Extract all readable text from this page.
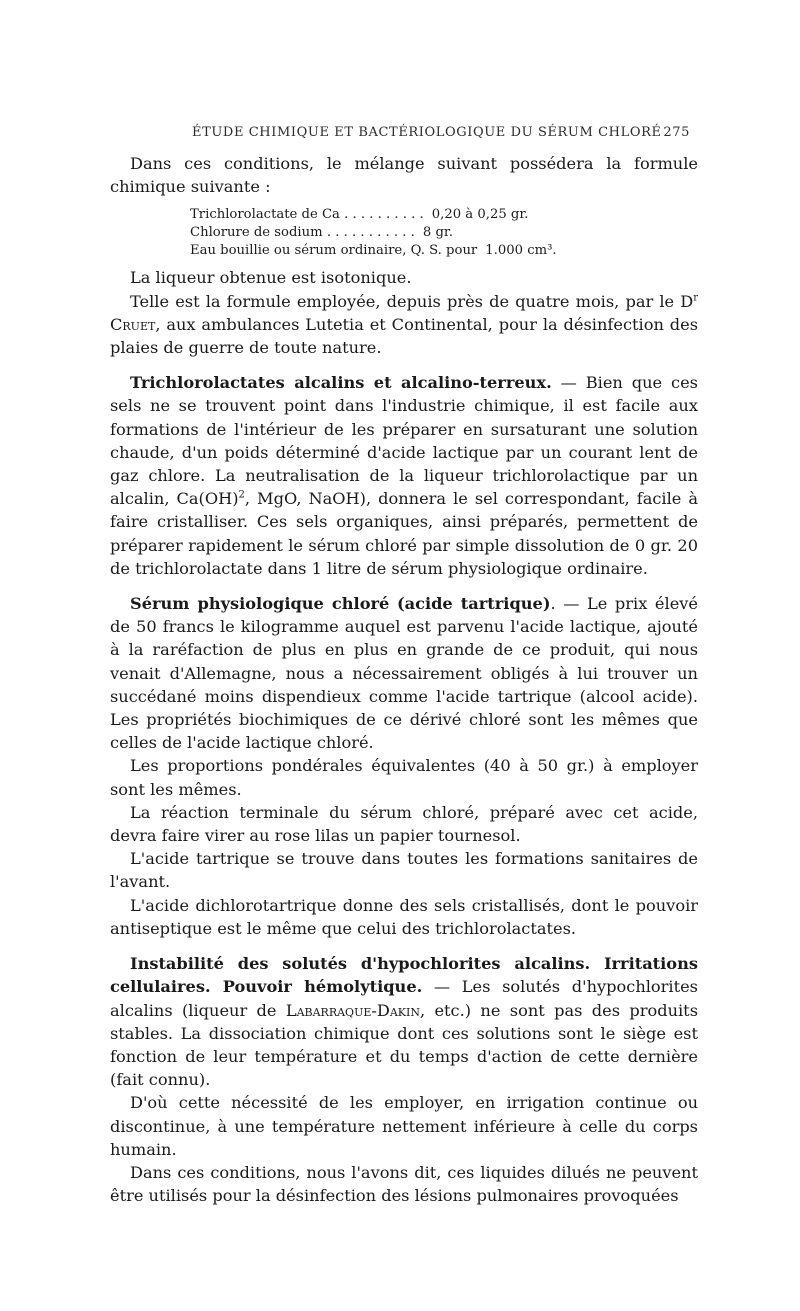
ÉTUDE CHIMIQUE ET BACTÉRIOLOGIQUE DU SÉRUM CHLORÉ 275

Dans ces conditions, le mélange suivant possédera la formule chimique suivante :

Trichlorolactate de Ca . . . . . . . . . . 0,20 à 0,25 gr.
Chlorure de sodium . . . . . . . . . . . 8 gr.
Eau bouillie ou sérum ordinaire, Q. S. pour 1.000 cm³.

La liqueur obtenue est isotonique.

Telle est la formule employée, depuis près de quatre mois, par le $D^r$ Cruet, aux ambulances Lutetia et Continental, pour la désinfection des plaies de guerre de toute nature.

Trichlorolactates alcalins et alcalino-terreux. — Bien que ces sels ne se trouvent point dans l'industrie chimique, il est facile aux formations de l'intérieur de les préparer en sursaturant une solution chaude, d'un poids déterminé d'acide lactique par un courant lent de gaz chlore. La neutralisation de la liqueur trichlorolactique par un alcalin, Ca(OH)$^2$, MgO, NaOH), donnera le sel correspondant, facile à faire cristalliser. Ces sels organiques, ainsi préparés, permettent de préparer rapidement le sérum chloré par simple dissolution de 0 gr. 20 de trichlorolactate dans 1 litre de sérum physiologique ordinaire.

Sérum physiologique chloré (acide tartrique). — Le prix élevé de 50 francs le kilogramme auquel est parvenu l'acide lactique, ajouté à la raréfaction de plus en plus en grande de ce produit, qui nous venait d'Allemagne, nous a nécessairement obligés à lui trouver un succédané moins dispendieux comme l'acide tartrique (alcool acide). Les propriétés biochimiques de ce dérivé chloré sont les mêmes que celles de l'acide lactique chloré.

Les proportions pondérales équivalentes (40 à 50 gr.) à employer sont les mêmes.

La réaction terminale du sérum chloré, préparé avec cet acide, devra faire virer au rose lilas un papier tournesol.

L'acide tartrique se trouve dans toutes les formations sanitaires de l'avant.

L'acide dichlorotartrique donne des sels cristallisés, dont le pouvoir antiseptique est le même que celui des trichlorolactates.

Instabilité des solutés d'hypochlorites alcalins. Irritations cellulaires. Pouvoir hémolytique. — Les solutés d'hypochlorites alcalins (liqueur de Labarraque-Dakin, etc.) ne sont pas des produits stables. La dissociation chimique dont ces solutions sont le siège est fonction de leur température et du temps d'action de cette dernière (fait connu).

D'où cette nécessité de les employer, en irrigation continue ou discontinue, à une température nettement inférieure à celle du corps humain.

Dans ces conditions, nous l'avons dit, ces liquides dilués ne peuvent être utilisés pour la désinfection des lésions pulmonaires provoquées
